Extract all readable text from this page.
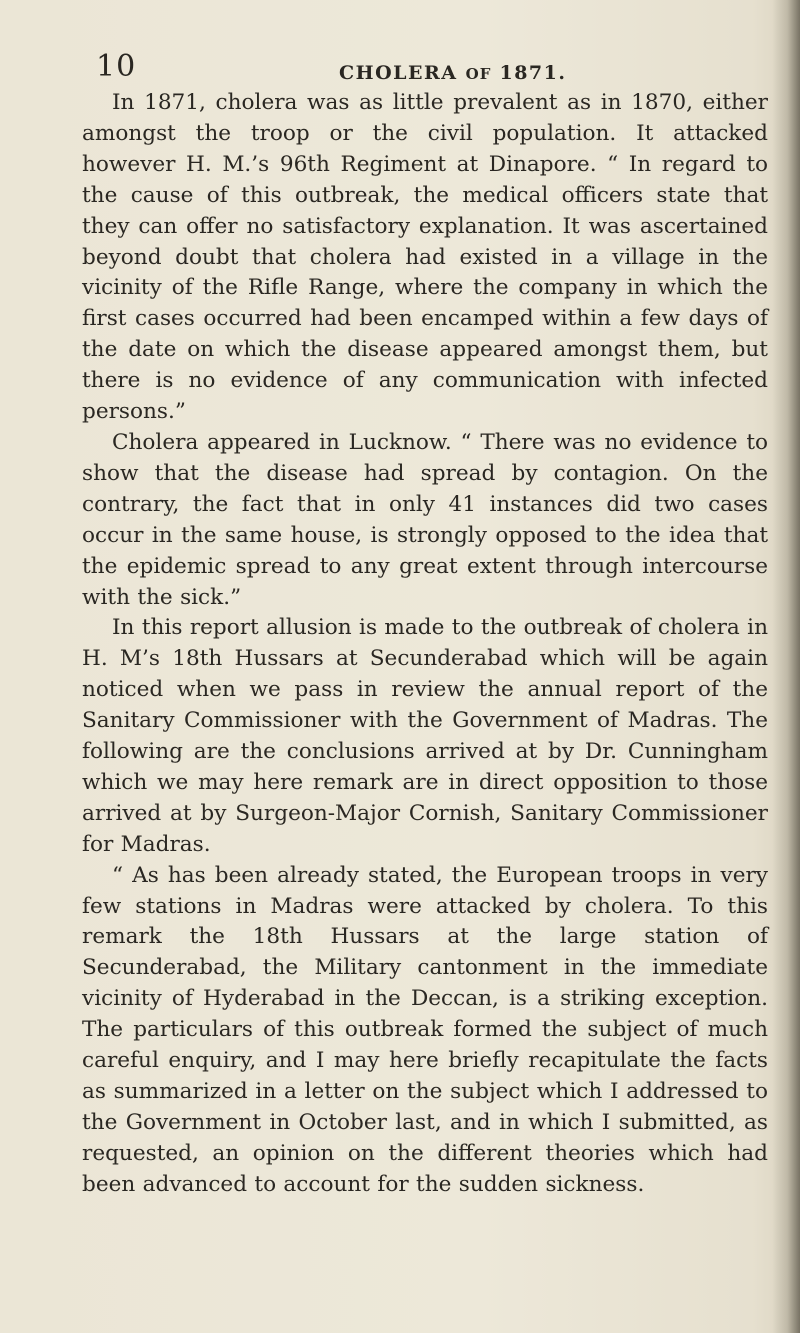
10	CHOLERA OF 1871.

In 1871, cholera was as little prevalent as in 1870, either amongst the troop or the civil population. It attacked however H. M.’s 96th Regiment at Dinapore. “ In regard to the cause of this outbreak, the medical officers state that they can offer no satisfactory explanation. It was ascertained beyond doubt that cholera had existed in a village in the vicinity of the Rifle Range, where the company in which the first cases occurred had been encamped within a few days of the date on which the disease appeared amongst them, but there is no evidence of any communication with infected persons.”

Cholera appeared in Lucknow. “ There was no evidence to show that the disease had spread by contagion. On the contrary, the fact that in only 41 instances did two cases occur in the same house, is strongly opposed to the idea that the epidemic spread to any great extent through intercourse with the sick.”

In this report allusion is made to the outbreak of cholera in H. M’s 18th Hussars at Secunderabad which will be again noticed when we pass in review the annual report of the Sanitary Commissioner with the Government of Madras. The following are the conclusions arrived at by Dr. Cunningham which we may here remark are in direct opposition to those arrived at by Surgeon-Major Cornish, Sanitary Commissioner for Madras.

“ As has been already stated, the European troops in very few stations in Madras were attacked by cholera. To this remark the 18th Hussars at the large station of Secunderabad, the Military cantonment in the immediate vicinity of Hyderabad in the Deccan, is a striking exception. The particulars of this outbreak formed the subject of much careful enquiry, and I may here briefly recapitulate the facts as summarized in a letter on the subject which I addressed to the Government in October last, and in which I submitted, as requested, an opinion on the different theories which had been advanced to account for the sudden sickness.
